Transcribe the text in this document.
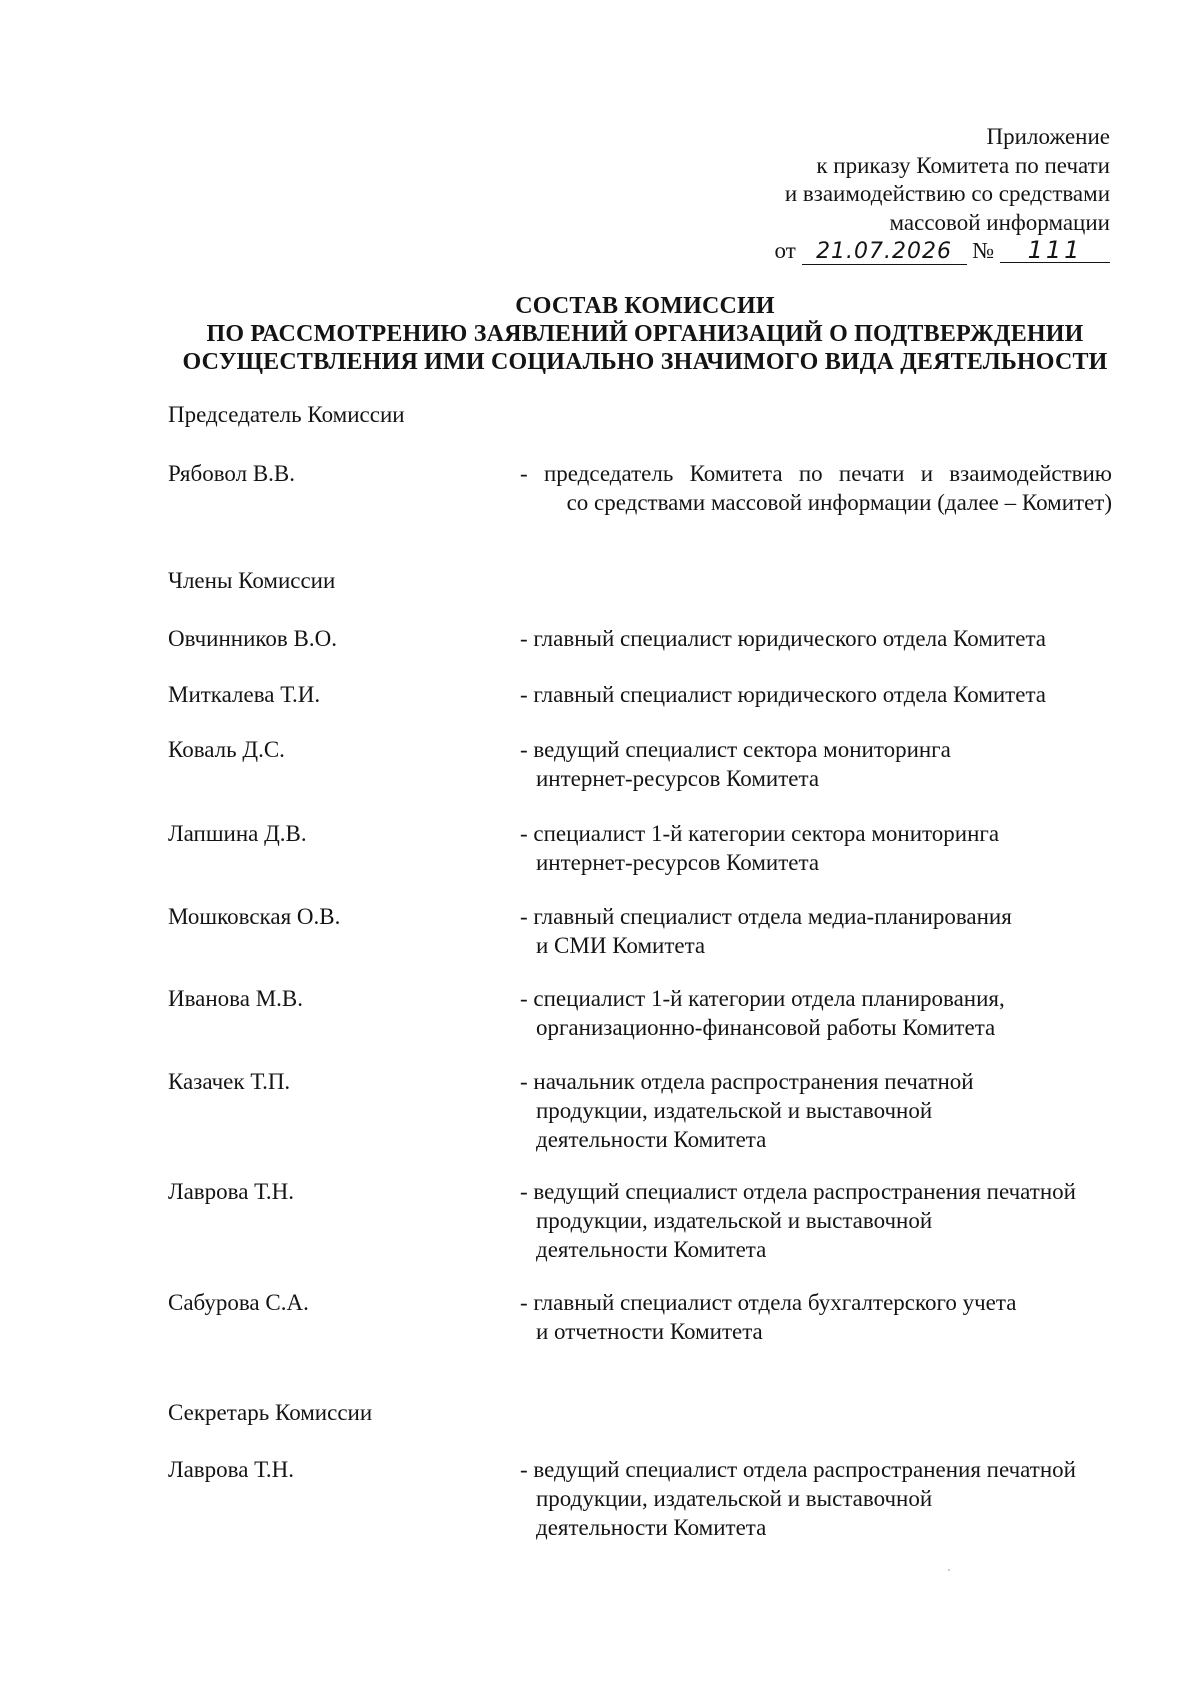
Приложение
к приказу Комитета по печати
и взаимодействию со средствами
массовой информации
от 21.07.2026 № 111
СОСТАВ КОМИССИИ
ПО РАССМОТРЕНИЮ ЗАЯВЛЕНИЙ ОРГАНИЗАЦИЙ О ПОДТВЕРЖДЕНИИ
ОСУЩЕСТВЛЕНИЯ ИМИ СОЦИАЛЬНО ЗНАЧИМОГО ВИДА ДЕЯТЕЛЬНОСТИ
Председатель Комиссии
Рябовол В.В.	- председатель Комитета по печати и взаимодействию
со средствами массовой информации (далее – Комитет)
Члены Комиссии
Овчинников В.О.	- главный специалист юридического отдела Комитета
Миткалева Т.И.	- главный специалист юридического отдела Комитета
Коваль Д.С.	- ведущий специалист сектора мониторинга
интернет-ресурсов Комитета
Лапшина Д.В.	- специалист 1-й категории сектора мониторинга
интернет-ресурсов Комитета
Мошковская О.В.	- главный специалист отдела медиа-планирования
и СМИ Комитета
Иванова М.В.	- специалист 1-й категории отдела планирования,
организационно-финансовой работы Комитета
Казачек Т.П.	- начальник отдела распространения печатной
продукции, издательской и выставочной
деятельности Комитета
Лаврова Т.Н.	- ведущий специалист отдела распространения печатной
продукции, издательской и выставочной
деятельности Комитета
Сабурова С.А.	- главный специалист отдела бухгалтерского учета
и отчетности Комитета
Секретарь Комиссии
Лаврова Т.Н.	- ведущий специалист отдела распространения печатной
продукции, издательской и выставочной
деятельности Комитета
